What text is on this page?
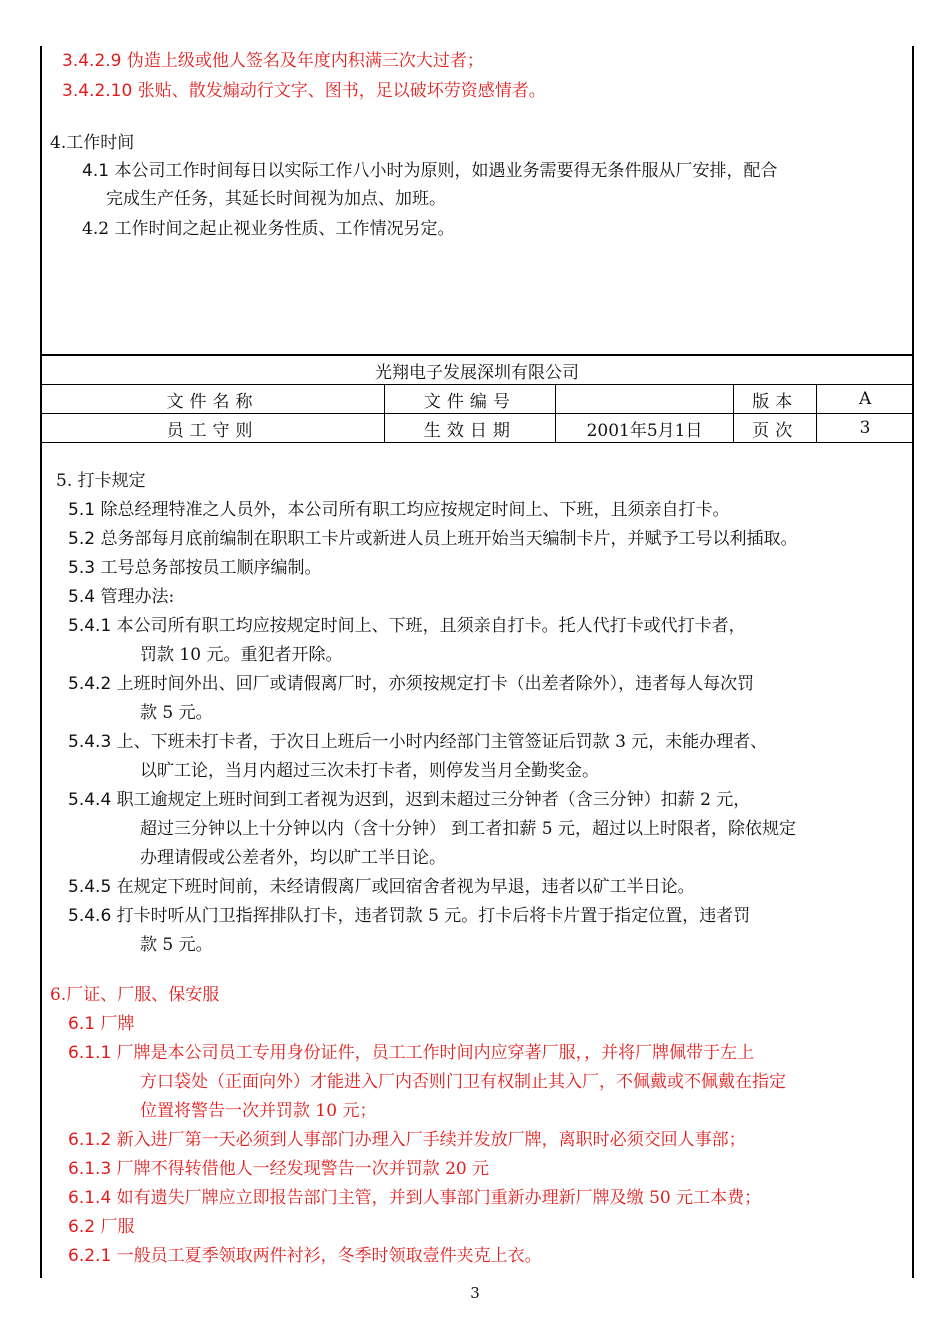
3.4.2.9 伪造上级或他人签名及年度内积满三次大过者；
3.4.2.10 张贴、散发煽动行文字、图书，足以破坏劳资感情者。
4.工作时间
4.1 本公司工作时间每日以实际工作八小时为原则，如遇业务需要得无条件服从厂安排，配合
完成生产任务，其延长时间视为加点、加班。
4.2 工作时间之起止视业务性质、工作情况另定。
光翔电子发展深圳有限公司				
文件名称	文件编号		版本	A
员工守则	生效日期	2001年5月1日	页次	3
5. 打卡规定
5.1 除总经理特准之人员外，本公司所有职工均应按规定时间上、下班，且须亲自打卡。
5.2 总务部每月底前编制在职职工卡片或新进人员上班开始当天编制卡片，并赋予工号以利插取。
5.3 工号总务部按员工顺序编制。
5.4 管理办法:
5.4.1 本公司所有职工均应按规定时间上、下班，且须亲自打卡。托人代打卡或代打卡者，
罚款 10 元。重犯者开除。
5.4.2 上班时间外出、回厂或请假离厂时，亦须按规定打卡（出差者除外），违者每人每次罚
款 5 元。
5.4.3 上、下班未打卡者，于次日上班后一小时内经部门主管签证后罚款 3 元，未能办理者、
以旷工论，当月内超过三次未打卡者，则停发当月全勤奖金。
5.4.4 职工逾规定上班时间到工者视为迟到，迟到未超过三分钟者（含三分钟）扣薪 2 元，
超过三分钟以上十分钟以内（含十分钟） 到工者扣薪 5 元，超过以上时限者，除依规定
办理请假或公差者外，均以旷工半日论。
5.4.5 在规定下班时间前，未经请假离厂或回宿舍者视为早退，违者以矿工半日论。
5.4.6 打卡时听从门卫指挥排队打卡，违者罚款 5 元。打卡后将卡片置于指定位置，违者罚
款 5 元。
6.厂证、厂服、保安服
6.1 厂牌
6.1.1 厂牌是本公司员工专用身份证件，员工工作时间内应穿著厂服，，并将厂牌佩带于左上
方口袋处（正面向外）才能进入厂内否则门卫有权制止其入厂，不佩戴或不佩戴在指定
位置将警告一次并罚款 10 元；
6.1.2 新入进厂第一天必须到人事部门办理入厂手续并发放厂牌，离职时必须交回人事部；
6.1.3 厂牌不得转借他人一经发现警告一次并罚款 20 元
6.1.4 如有遗失厂牌应立即报告部门主管，并到人事部门重新办理新厂牌及缴 50 元工本费；
6.2 厂服
6.2.1 一般员工夏季领取两件衬衫，冬季时领取壹件夹克上衣。
3
